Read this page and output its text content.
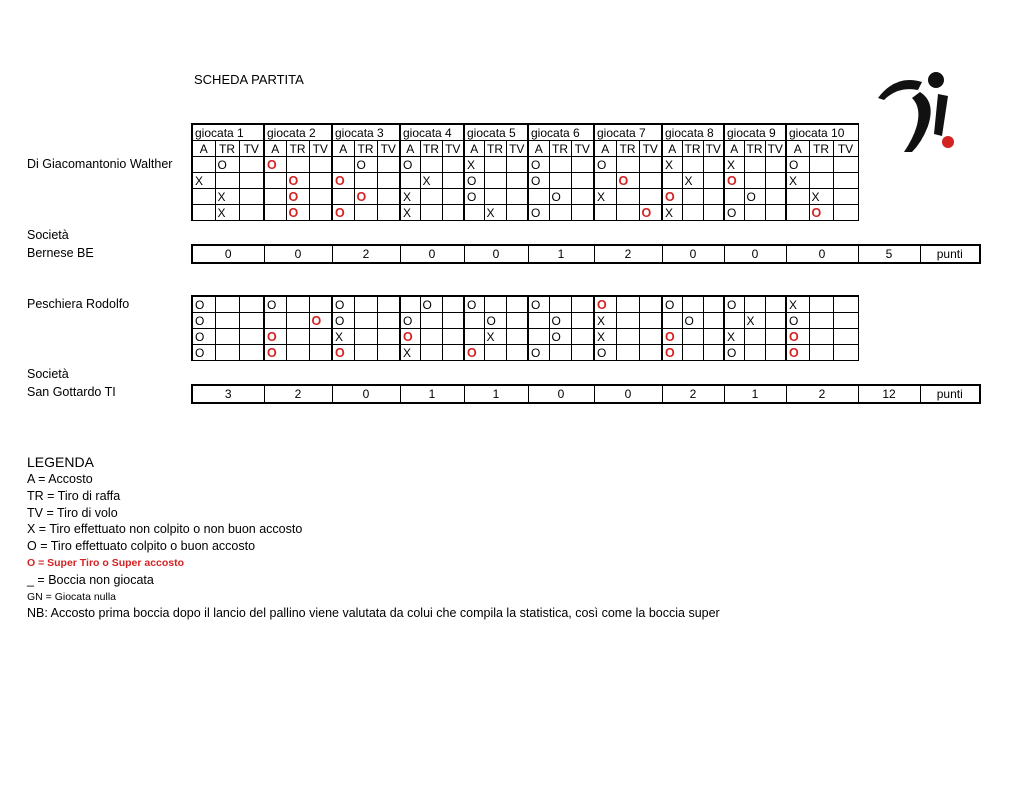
SCHEDA PARTITA
Di Giacomantonio Walther
Società
Bernese BE
giocata 1			giocata 2			giocata 3			giocata 4			giocata 5			giocata 6			giocata 7			giocata 8			giocata 9			giocata 10		
A	TR	TV	A	TR	TV	A	TR	TV	A	TR	TV	A	TR	TV	A	TR	TV	A	TR	TV	A	TR	TV	A	TR	TV	A	TR	TV
	O		O				O		O			X			O			O			X			X			O		
X				O		O				X		O			O				O			X		O			X		
	X			O			O		X			O				O		X			O				O			X	
	X			O		O			X				X		O					O	X			O				O	
0	0	2	0	0	1	2	0	0	0	5	punti
Peschiera Rodolfo
Società
San Gottardo TI
O			O			O				O		O			O			O			O			O			X		
O					O	O			O				O			O		X				O			X		O		
O			O			X			O				X			O		X			O			X			O		
O			O			O			X			O			O			O			O			O			O		
3	2	0	1	1	0	0	2	1	2	12	punti
LEGENDA
A = Accosto
TR = Tiro di raffa
TV = Tiro di volo
X = Tiro effettuato non colpito o non buon accosto
O = Tiro effettuato colpito o buon accosto
O = Super Tiro o Super accosto
_ = Boccia non giocata
GN = Giocata nulla
NB: Accosto prima boccia dopo il lancio del pallino viene valutata da colui che compila la statistica, così come la boccia super
